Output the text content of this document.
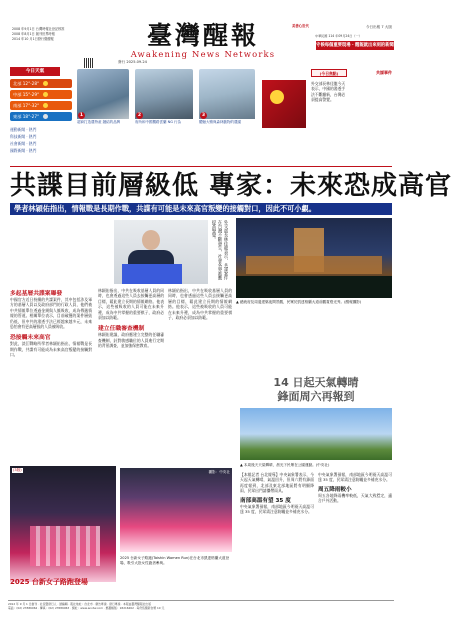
2008 年9月1日 台灣時報社登記核准
2008 年8月1日 創刊世界時報
2014 年10 月1日發行覺醒報
發行 2025.09.24
臺灣醒報
Awakening News Networks
美善心世代	今日出報 7 大版
中華民國 114 年09月24日（一）
守候每個重要現場 · 醒報就出來刻的新聞
今日天氣
北部 12°-28°
中部 15°-29°
南部 17°-32°
東部 18°-27°
運動新聞 · 熱門
科技新聞 · 熱門
社會新聞 · 熱門
國際新聞 · 熱門
1
超商打造農特產 鏈結的品牌
2
府所和中國獨路雲蘭 NG 行為
3
體驗大鴨與森林動物的農園
(今日焦點)	共謀事件
外交部長林佳龍今天
表示，中國的滲透手
法不斷翻新，台灣必
須提高警覺。
共諜目前層級低 專家：未來恐成高官
學者林穎佑指出，情報戰是長期作戰，共諜有可能是未來高官叛變的接觸對口，因此不可小覷。
外交部長林佳龍表示，共諜案件在台灣不斷發生，社會各界都應提高警覺。
多起基層共諜案曝發
中國官方近日持續的共諜案件，其中包括涉及軍方的基層人員以及政府部門的行政人員，他們被中共情報單位透過金錢與人脈吸收，成為傳遞情報的管道。相關單位表示，目前破獲的案件層級仍低，但中共的滲透手法已經越來越多元，未來恐怕會有更高層級的人員被吸收。
恐接觸未來高官
對此，淡江戰略所學者林穎佑指出，情報戰是長期作戰，共諜有可能成為未來高官叛變的接觸對口。
林穎佑指出，中共在吸收基層人員的同時，也會透過這些人員去接觸更高層的目標，藉此建立長期的情報網絡。他表示，這些被吸收的人員可能在未來升遷，成為中共掌握的重要棋子，政府必須加以防範。
建立任職審查機制
林穎佑建議，政府應建立完整的任職審查機制，針對敏感職位的人員進行定期的背景調查，並加強保密教育。
林穎佑指出，中共在吸收基層人員的同時，也會透過這些人員去接觸更高層的目標，藉此建立長期的情報網絡。他表示，這些被吸收的人員可能在未來升遷，成為中共掌握的重要棋子，政府必須加以防範。
▲ 總統府及周邊建築夜間景觀，民眾於凱達格蘭大道前觀賞燈光秀。(醒報攝影)
14 日起天氣轉晴
鋒面周六再報到
▲ 本周後天天氣轉晴，晨光下民眾在公園運動。(中央社)
【本報記者 台北報導】中央氣象署表示，今天起天氣轉晴，氣溫回升，但周六將有鋒面再度報到，北部及東北部地區將有明顯降雨，民眾出門請攜帶雨具。
南部高溫有望 35 度
中央氣象署預報，南部地區今明兩天高溫可達 35 度，民眾需注意防曬並多補充水分。
中央氣象署預報，南部地區今明兩天高溫可達 35 度，民眾需注意防曬並多補充水分。
周五降雨較小
周五各地降雨機率較低，天氣大致穩定，適合戶外活動。
(3版)
2025 台新女子路跑登場
攝影：中央社
2025 台新女子路跑(Taishin Women Run)在台北市凱達格蘭大道登場，吸引大批女性跑者參與。
2012 年 9 月 1 日創刊 · 社長暨發行人 · 總編輯 · 報社地址：台北市 · 廣告專線 · 發行專線 · 本報由臺灣醒報社出版
電話：(02) 23586962 · 傳真：(02) 23586963 · 網址：www.anntw.com · 郵撥帳號：18216262 · 每份售價新台幣 10 元
